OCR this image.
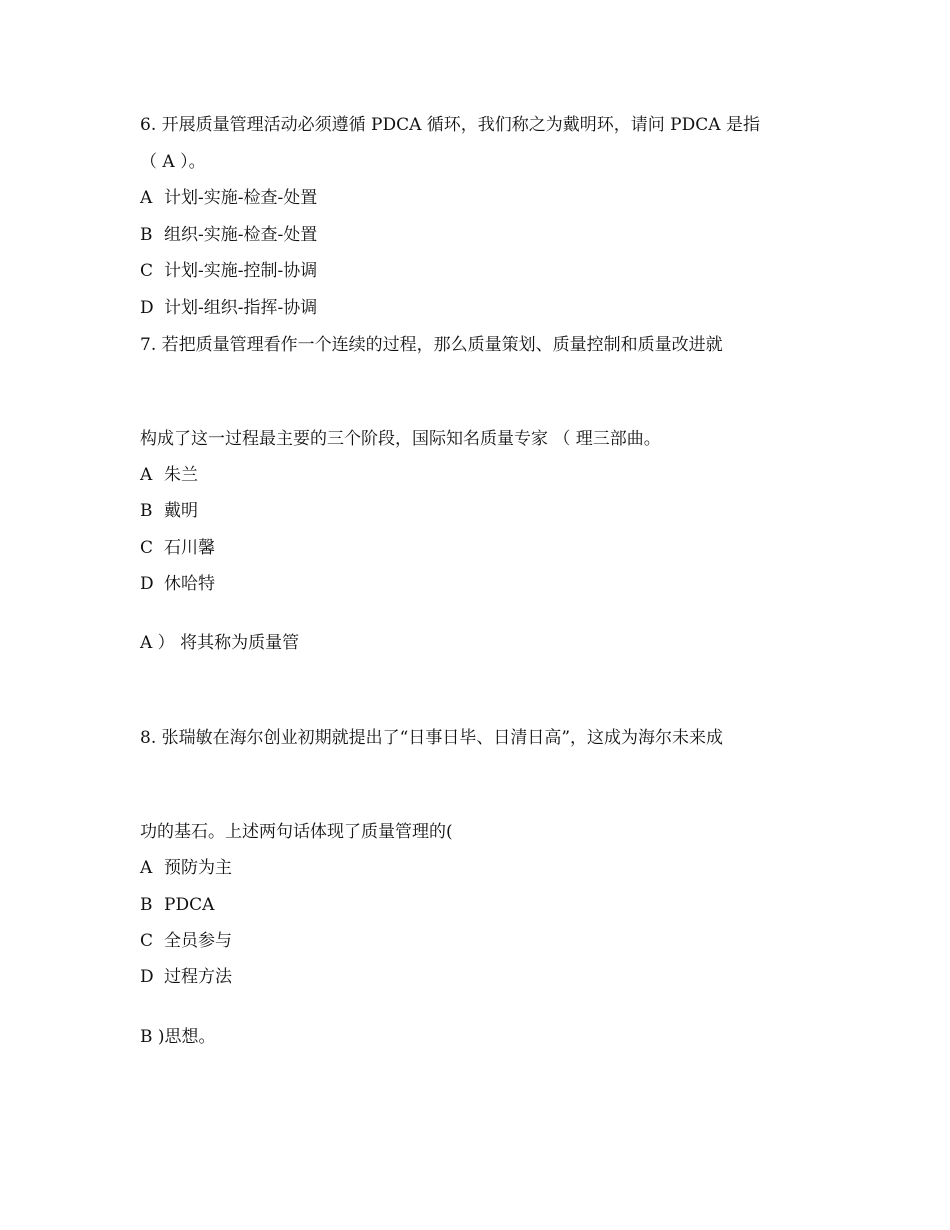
6. 开展质量管理活动必须遵循 PDCA 循环，我们称之为戴明环，请问 PDCA 是指

（ A ）。

A 计划-实施-检查-处置

B 组织-实施-检查-处置

C 计划-实施-控制-协调

D 计划-组织-指挥-协调

7. 若把质量管理看作一个连续的过程，那么质量策划、质量控制和质量改进就

构成了这一过程最主要的三个阶段，国际知名质量专家 （ 理三部曲。

A 朱兰

B 戴明

C 石川馨

D 休哈特

A ） 将其称为质量管

8. 张瑞敏在海尔创业初期就提出了“日事日毕、日清日高”，这成为海尔未来成

功的基石。上述两句话体现了质量管理的(

A 预防为主

B PDCA

C 全员参与

D 过程方法

B )思想。
